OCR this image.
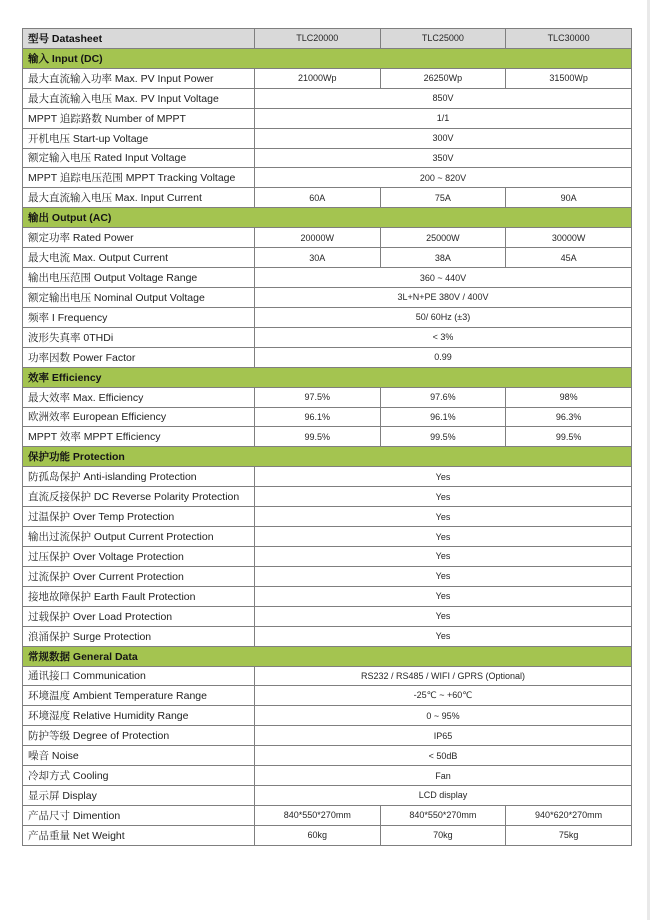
型号 Datasheet	TLC20000	TLC25000	TLC30000
输入 Input (DC)			
最大直流输入功率 Max. PV Input Power	21000Wp	26250Wp	31500Wp
最大直流输入电压 Max. PV Input Voltage	850V		
MPPT 追踪路数 Number of MPPT	1/1		
开机电压 Start-up Voltage	300V		
额定输入电压 Rated Input Voltage	350V		
MPPT 追踪电压范围 MPPT Tracking Voltage	200 ~ 820V		
最大直流输入电压 Max. Input Current	60A	75A	90A
输出 Output (AC)			
额定功率 Rated Power	20000W	25000W	30000W
最大电流 Max. Output Current	30A	38A	45A
输出电压范围 Output Voltage Range	360 ~ 440V		
额定输出电压 Nominal Output Voltage	3L+N+PE 380V / 400V		
频率 I Frequency	50/ 60Hz (±3)		
波形失真率 0THDi	< 3%		
功率因数 Power Factor	0.99		
效率 Efficiency			
最大效率 Max. Efficiency	97.5%	97.6%	98%
欧洲效率 European Efficiency	96.1%	96.1%	96.3%
MPPT 效率 MPPT Efficiency	99.5%	99.5%	99.5%
保护功能 Protection			
防孤岛保护 Anti-islanding Protection	Yes		
直流反接保护 DC Reverse Polarity Protection	Yes		
过温保护 Over Temp Protection	Yes		
输出过流保护 Output Current Protection	Yes		
过压保护 Over Voltage Protection	Yes		
过流保护 Over Current Protection	Yes		
接地故障保护 Earth Fault Protection	Yes		
过载保护 Over Load Protection	Yes		
浪涌保护 Surge Protection	Yes		
常规数据 General Data			
通讯接口 Communication	RS232 / RS485 / WIFI / GPRS (Optional)		
环境温度 Ambient Temperature Range	-25℃ ~ +60℃		
环境湿度 Relative Humidity Range	0 ~ 95%		
防护等级 Degree of Protection	IP65		
噪音 Noise	< 50dB		
冷却方式 Cooling	Fan		
显示屏 Display	LCD display		
产品尺寸 Dimention	840*550*270mm	840*550*270mm	940*620*270mm
产品重量 Net Weight	60kg	70kg	75kg
